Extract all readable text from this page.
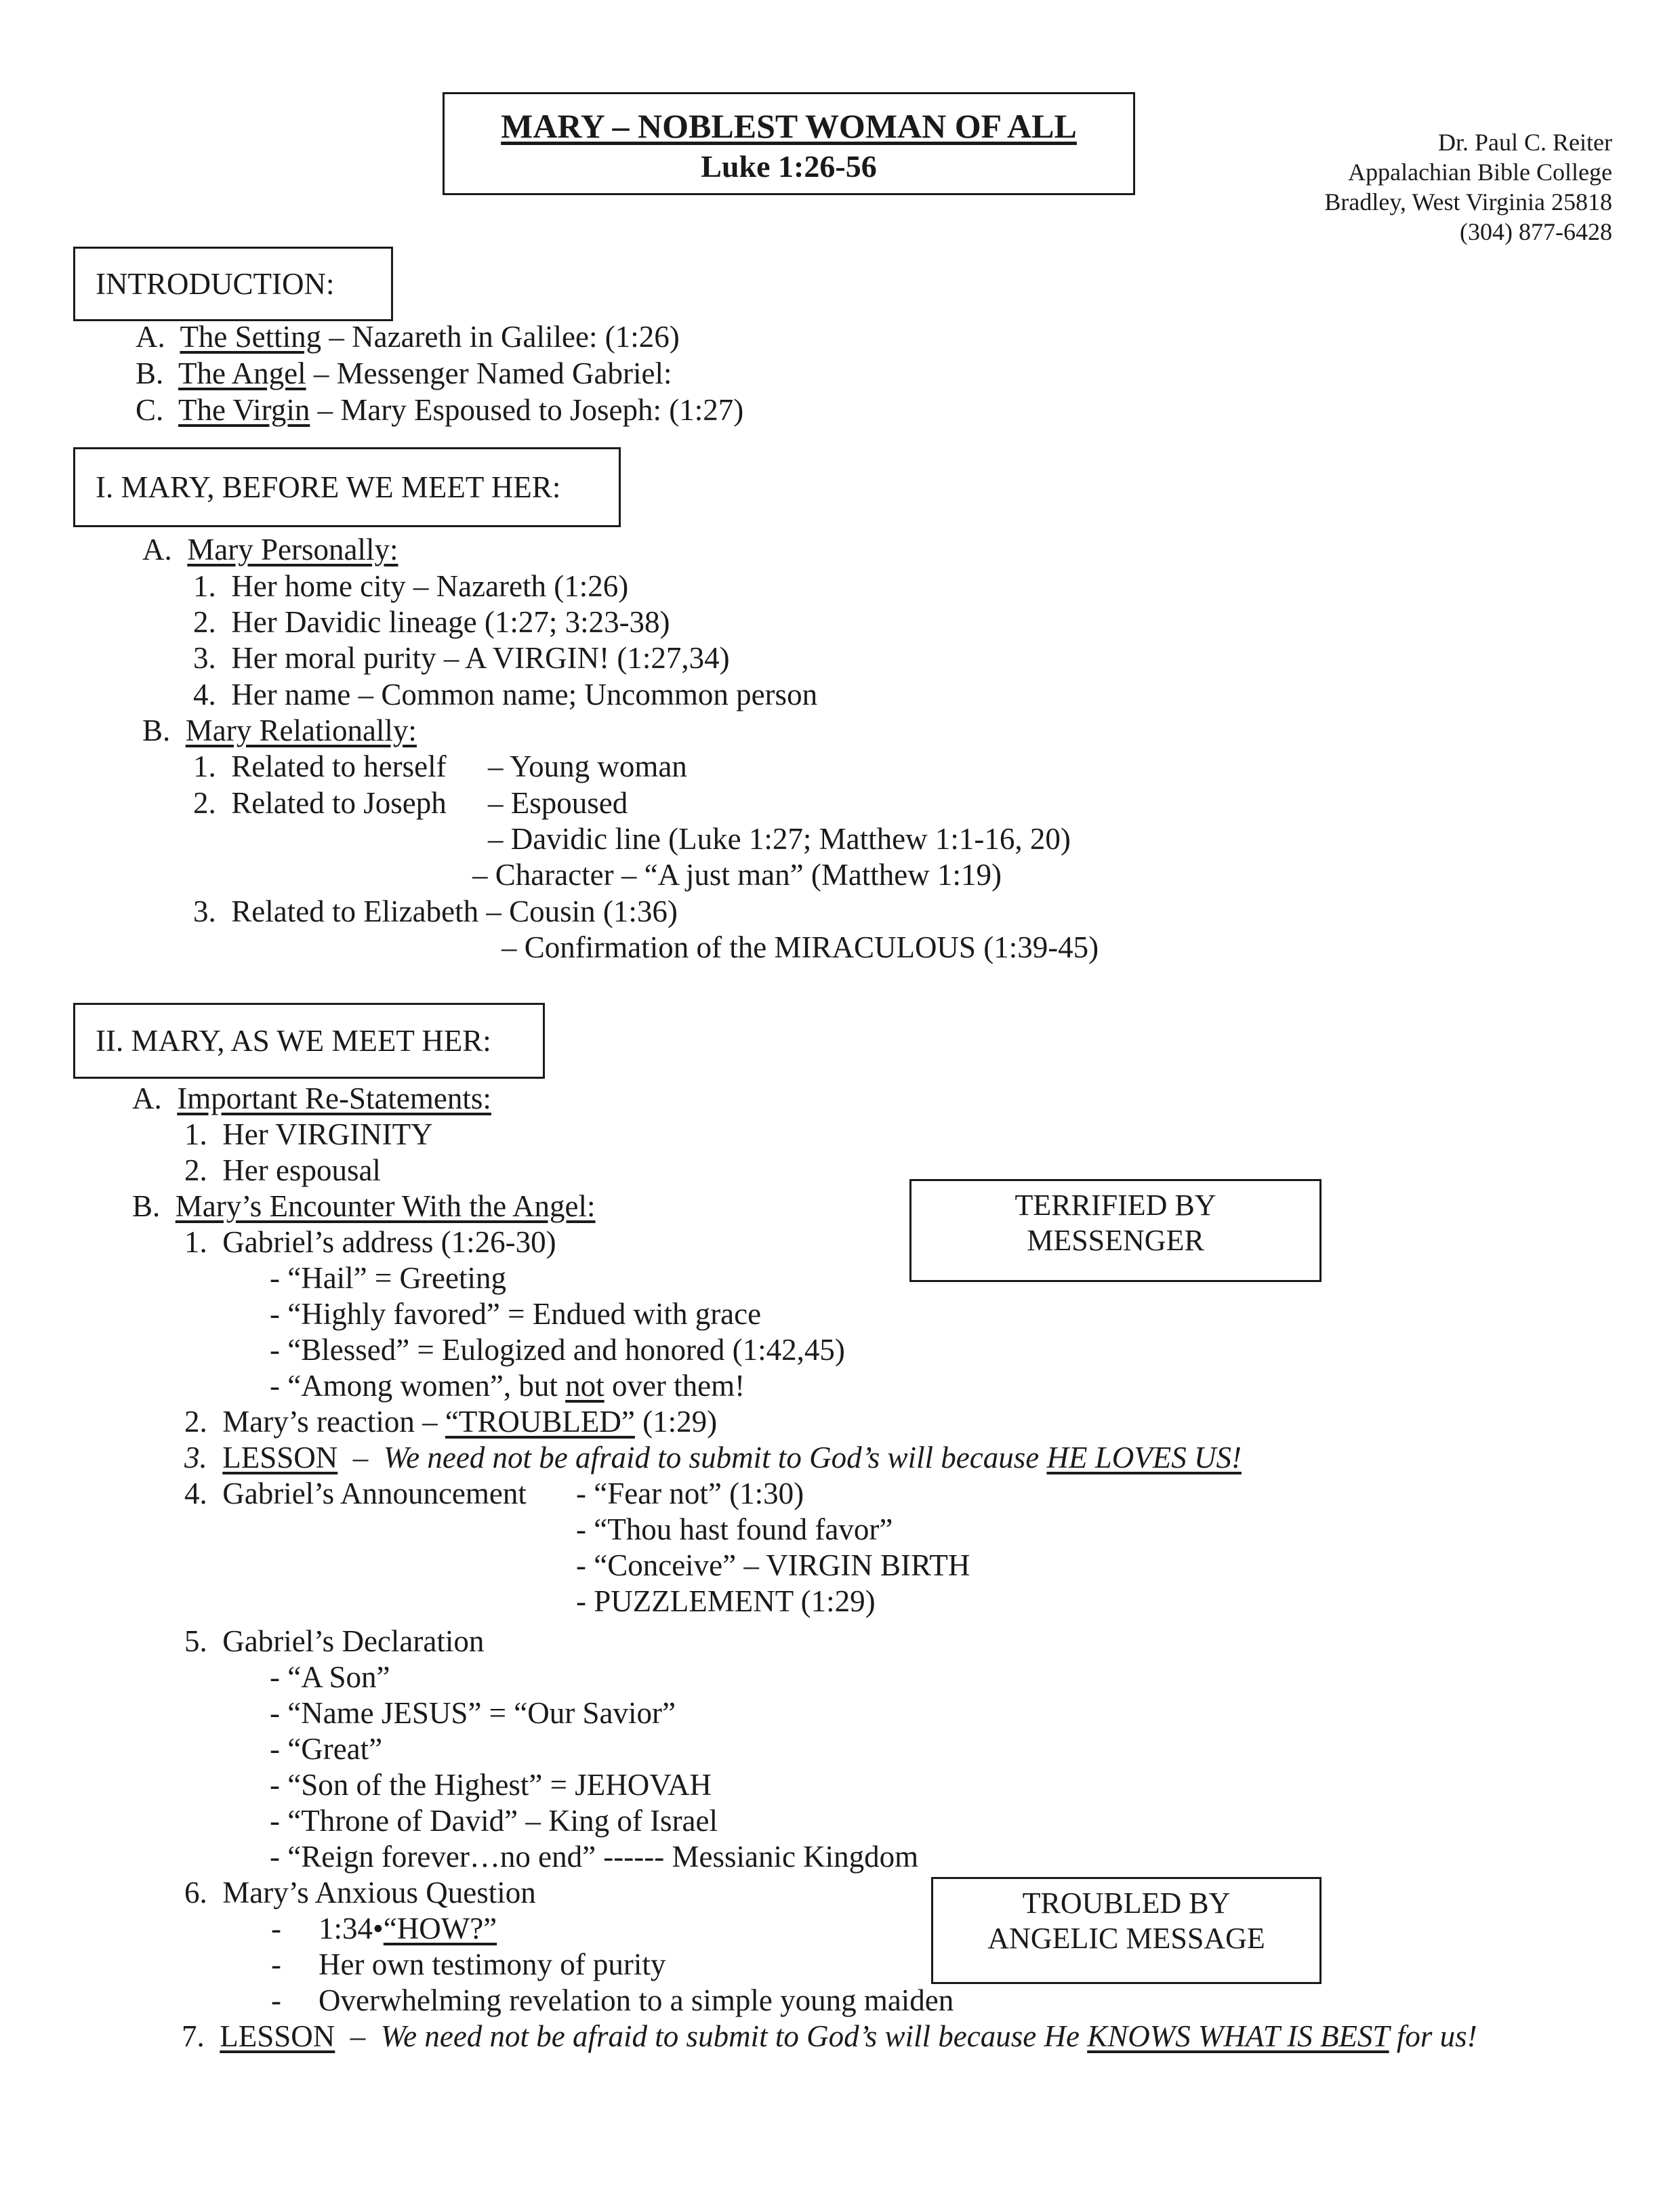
MARY – NOBLEST WOMAN OF ALL
Luke 1:26-56
Dr. Paul C. Reiter
Appalachian Bible College
Bradley, West Virginia 25818
(304) 877-6428
INTRODUCTION:
A. The Setting – Nazareth in Galilee: (1:26)
B. The Angel – Messenger Named Gabriel:
C. The Virgin – Mary Espoused to Joseph: (1:27)
I. MARY, BEFORE WE MEET HER:
A. Mary Personally:
1. Her home city – Nazareth (1:26)
2. Her Davidic lineage (1:27; 3:23-38)
3. Her moral purity – A VIRGIN! (1:27,34)
4. Her name – Common name; Uncommon person
B. Mary Relationally:
1. Related to herself – Young woman
2. Related to Joseph – Espoused
– Davidic line (Luke 1:27; Matthew 1:1-16, 20)
– Character – “A just man” (Matthew 1:19)
3. Related to Elizabeth – Cousin (1:36)
– Confirmation of the MIRACULOUS (1:39-45)
II. MARY, AS WE MEET HER:
A. Important Re-Statements:
1. Her VIRGINITY
2. Her espousal
B. Mary’s Encounter With the Angel:
1. Gabriel’s address (1:26-30)
- “Hail” = Greeting
- “Highly favored” = Endued with grace
- “Blessed” = Eulogized and honored (1:42,45)
- “Among women”, but not over them!
2. Mary’s reaction – “TROUBLED” (1:29)
3. LESSON – We need not be afraid to submit to God’s will because HE LOVES US!
4. Gabriel’s Announcement - “Fear not” (1:30)
- “Thou hast found favor”
- “Conceive” – VIRGIN BIRTH
- PUZZLEMENT (1:29)
5. Gabriel’s Declaration
- “A Son”
- “Name JESUS” = “Our Savior”
- “Great”
- “Son of the Highest” = JEHOVAH
- “Throne of David” – King of Israel
- “Reign forever…no end” ------ Messianic Kingdom
6. Mary’s Anxious Question
- 1:34•“HOW?”
- Her own testimony of purity
- Overwhelming revelation to a simple young maiden
7. LESSON – We need not be afraid to submit to God’s will because He KNOWS WHAT IS BEST for us!
TERRIFIED BY
MESSENGER
TROUBLED BY
ANGELIC MESSAGE
